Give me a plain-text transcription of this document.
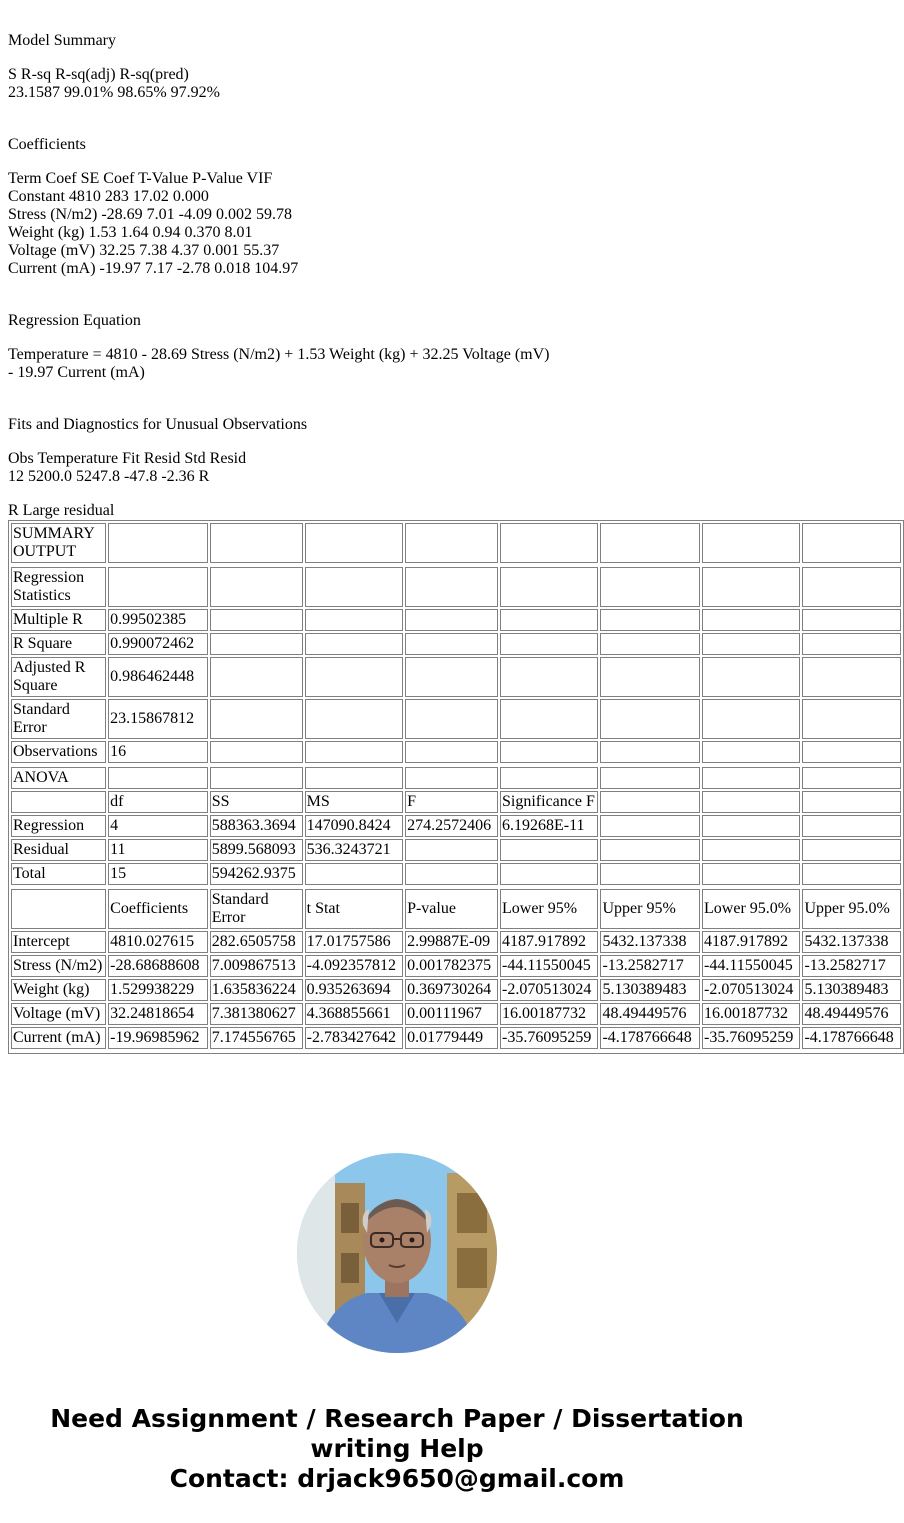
Model Summary

S R-sq R-sq(adj) R-sq(pred)

23.1587 99.01% 98.65% 97.92%

Coefficients

Term Coef SE Coef T-Value P-Value VIF

Constant 4810 283 17.02 0.000

Stress (N/m2) -28.69 7.01 -4.09 0.002 59.78

Weight (kg) 1.53 1.64 0.94 0.370 8.01

Voltage (mV) 32.25 7.38 4.37 0.001 55.37

Current (mA) -19.97 7.17 -2.78 0.018 104.97

Regression Equation

Temperature = 4810 - 28.69 Stress (N/m2) + 1.53 Weight (kg) + 32.25 Voltage (mV)

- 19.97 Current (mA)

Fits and Diagnostics for Unusual Observations

Obs Temperature Fit Resid Std Resid

12 5200.0 5247.8 -47.8 -2.36 R

R Large residual

SUMMARY OUTPUT								

Regression Statistics								
Multiple R	0.99502385							
R Square	0.990072462							
Adjusted R Square	0.986462448							
Standard Error	23.15867812							
Observations	16							

ANOVA								
	df	SS	MS	F	Significance F			
Regression	4	588363.3694	147090.8424	274.2572406	6.19268E-11			
Residual	11	5899.568093	536.3243721					
Total	15	594262.9375						

	Coefficients	Standard Error	t Stat	P-value	Lower 95%	Upper 95%	Lower 95.0%	Upper 95.0%
Intercept	4810.027615	282.6505758	17.01757586	2.99887E-09	4187.917892	5432.137338	4187.917892	5432.137338
Stress (N/m2)	-28.68688608	7.009867513	-4.092357812	0.001782375	-44.11550045	-13.2582717	-44.11550045	-13.2582717
Weight (kg)	1.529938229	1.635836224	0.935263694	0.369730264	-2.070513024	5.130389483	-2.070513024	5.130389483
Voltage (mV)	32.24818654	7.381380627	4.368855661	0.00111967	16.00187732	48.49449576	16.00187732	48.49449576
Current (mA)	-19.96985962	7.174556765	-2.783427642	0.01779449	-35.76095259	-4.178766648	-35.76095259	-4.178766648

Need Assignment / Research Paper / Dissertation
writing Help
Contact: drjack9650@gmail.com
